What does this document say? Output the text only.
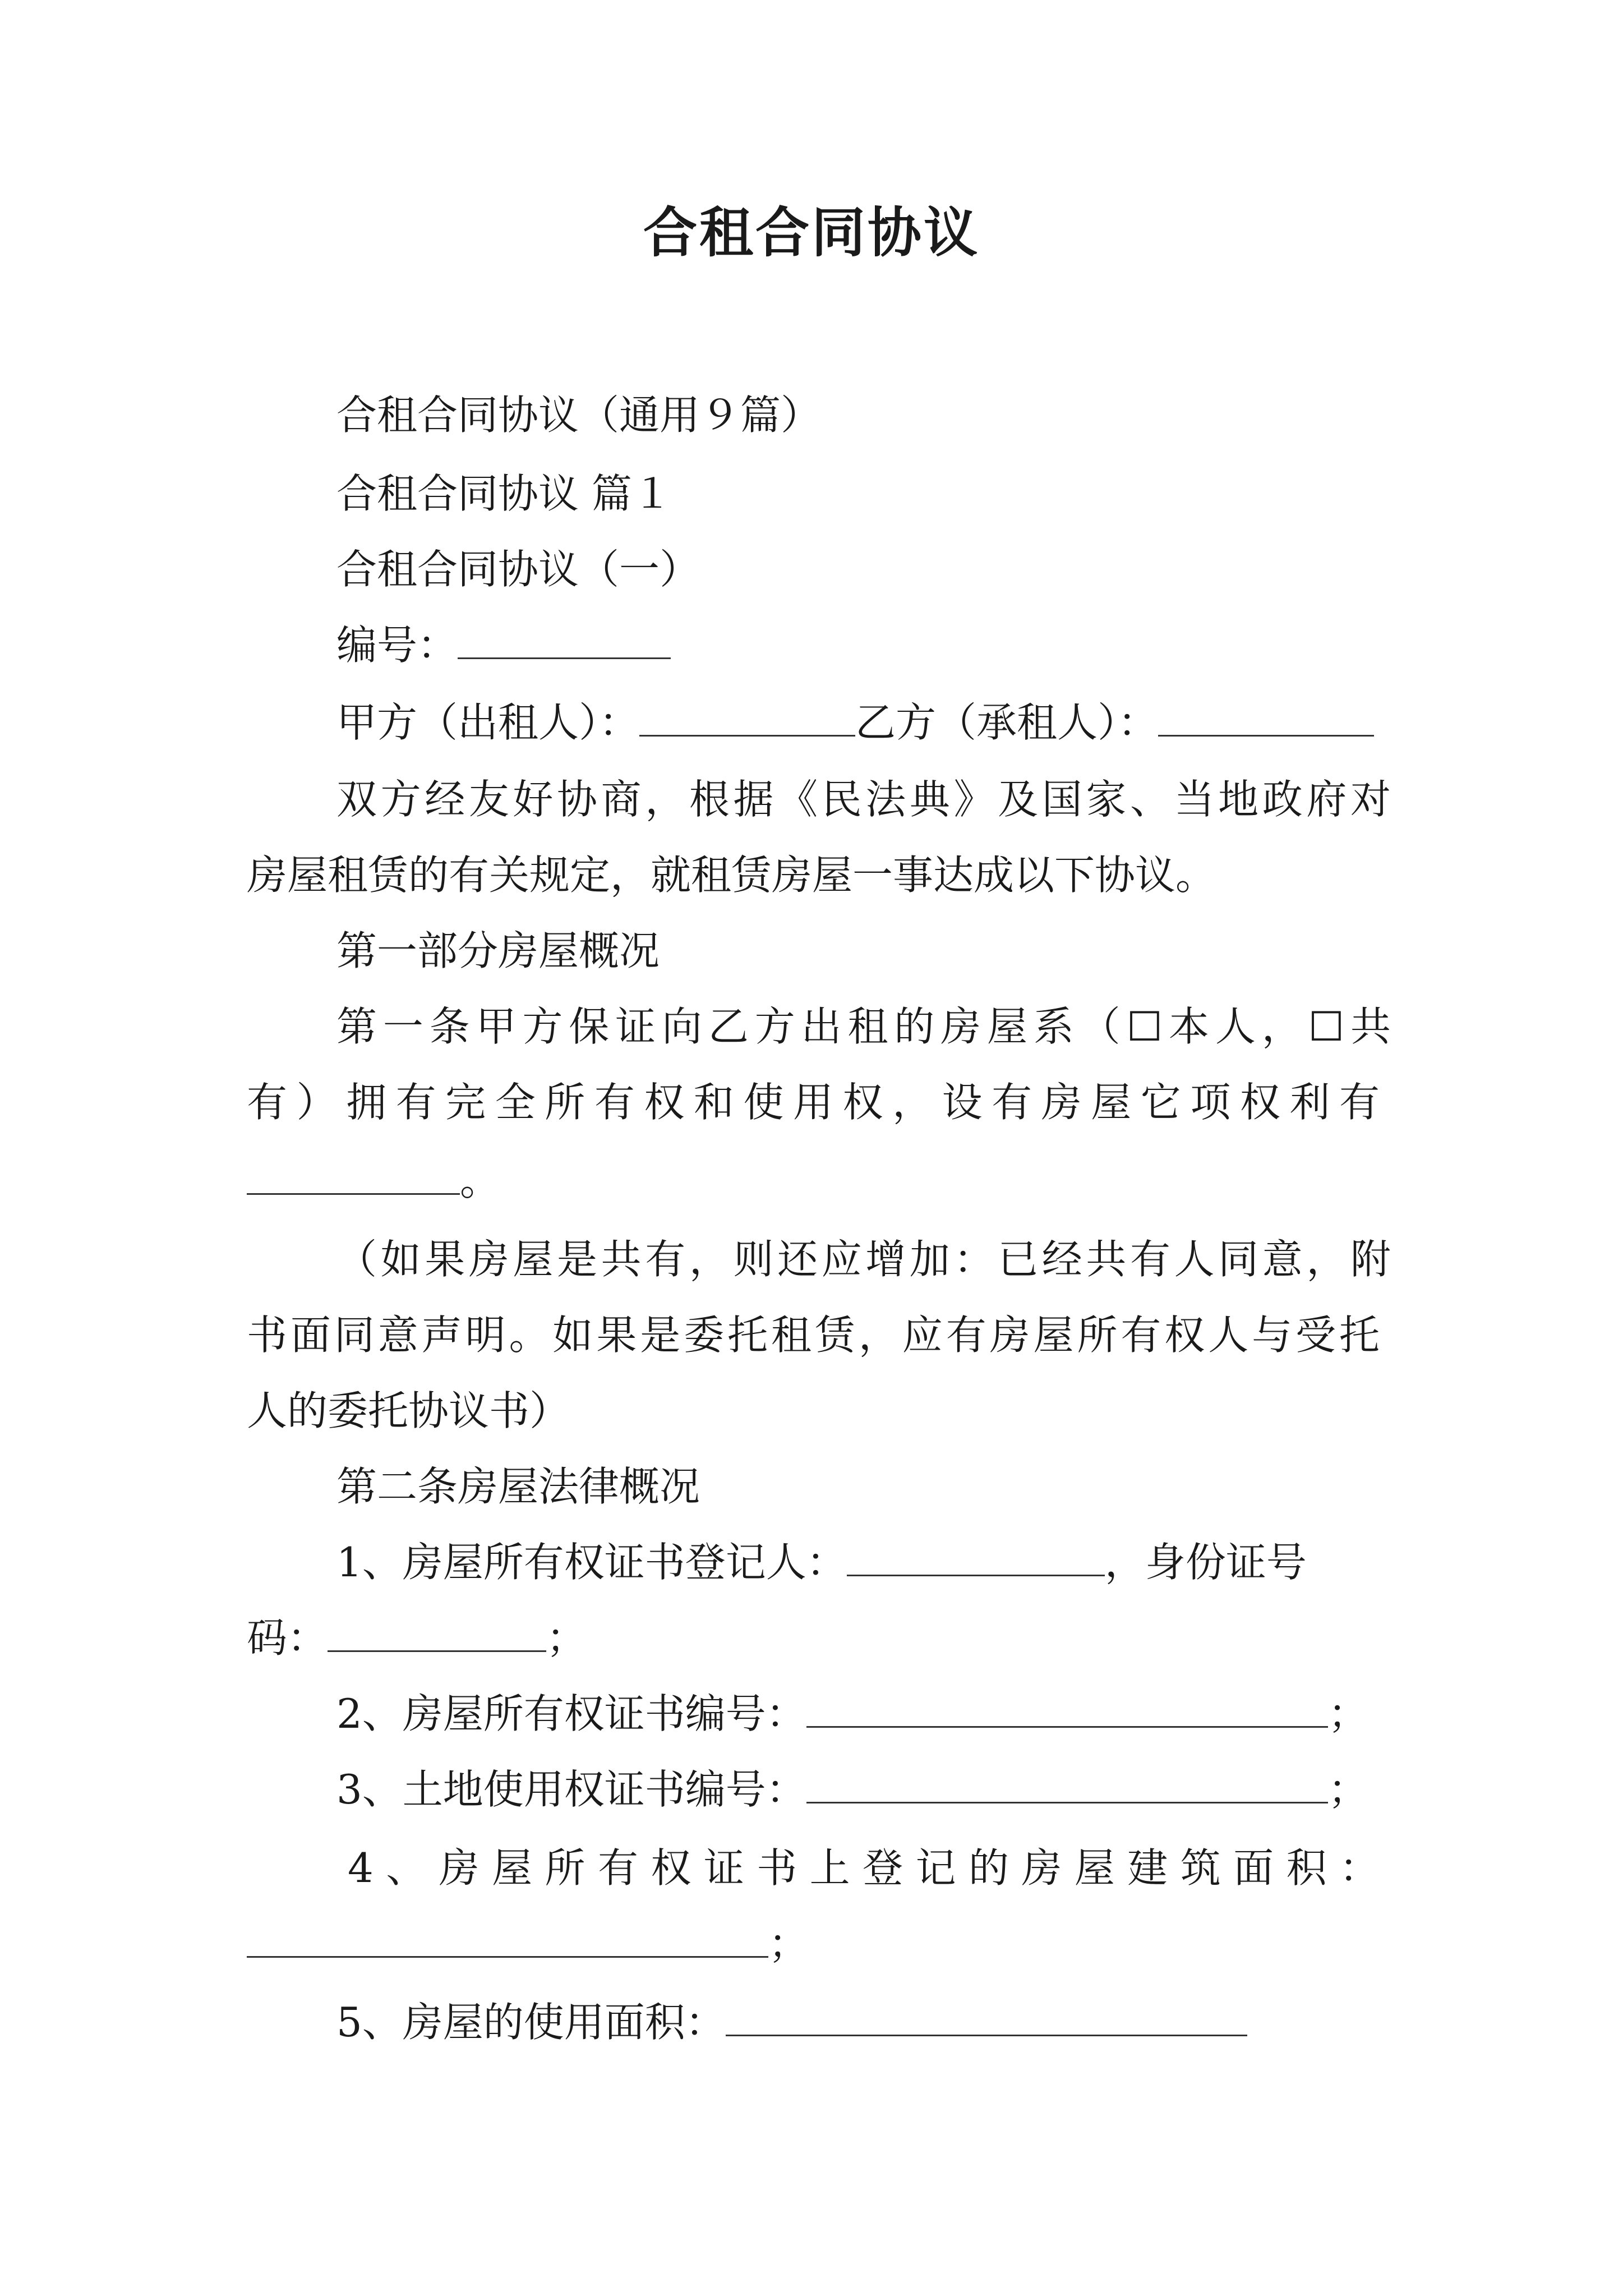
合租合同协议

合租合同协议（通用９篇）

合租合同协议 篇１

合租合同协议（一）

编号：

甲方（出租人）：	乙方（承租人）：

双方经友好协商，根据《民法典》及国家、当地政府对

房屋租赁的有关规定，就租赁房屋一事达成以下协议。

第一部分房屋概况

第一条甲方保证向乙方出租的房屋系（☐本人，☐共

有）拥有完全所有权和使用权，设有房屋它项权利有

。

（如果房屋是共有，则还应增加：已经共有人同意，附

书面同意声明。如果是委托租赁，应有房屋所有权人与受托

人的委托协议书）

第二条房屋法律概况

1、房屋所有权证书登记人：	，身份证号

码：	；

2、房屋所有权证书编号：	；

3、土地使用权证书编号：	；

4、房屋所有权证书上登记的房屋建筑面积：

；

5、房屋的使用面积：
